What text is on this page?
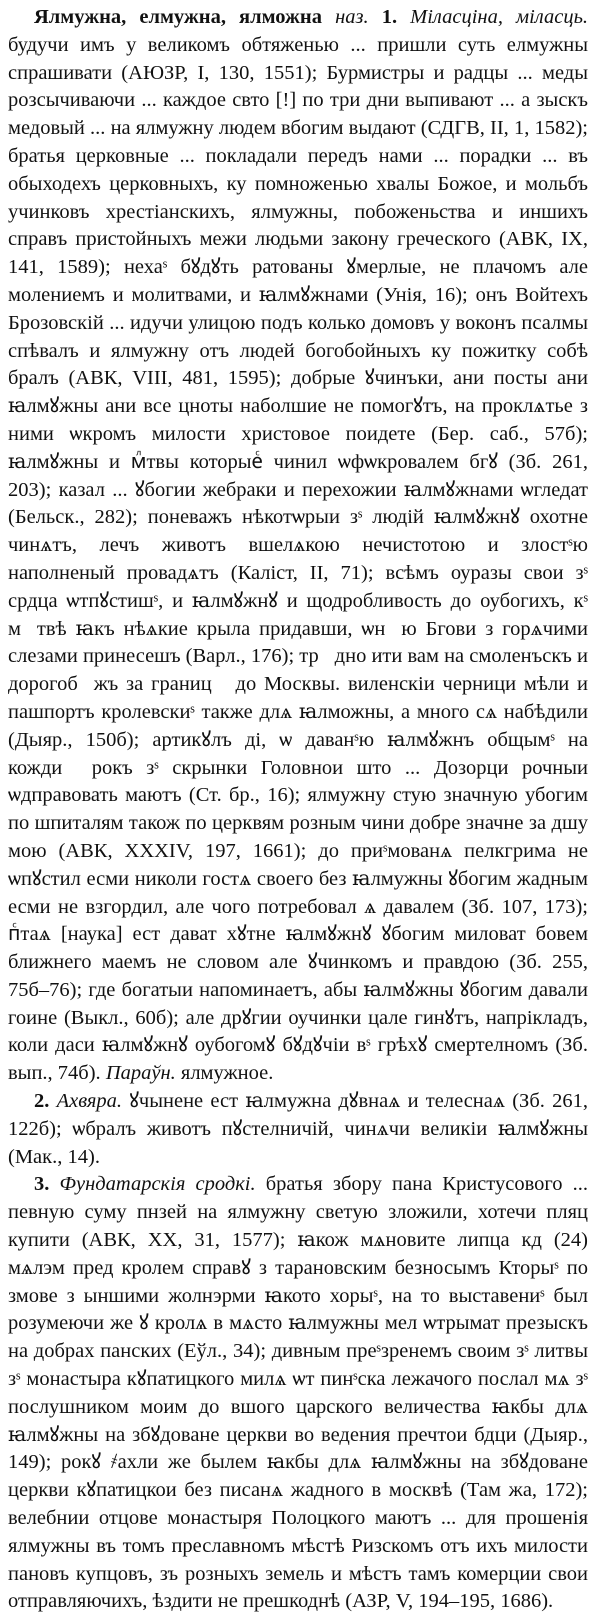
Ялмужна, елмужна, ялможна наз. 1. Міласціна, міласць. будучи имъ у великомъ обтяженью ... пришли суть елмужны спрашивати (АЮЗР, I, 130, 1551); Бурмистры и радцы ... меды розсычиваючи ... каждое свто [!] по три дни выпивают ... а зыскъ медовый ... на ялмужну людем вбогим выдают (СДГВ, II, 1, 1582); братья церковные ... покладали передъ нами ... порадки ... въ обыходехъ церковныхъ, ку помноженью хвалы Божое, и мольбъ учинковъ хрестіанскихъ, ялмужны, побоженьства и иншихъ справъ пристойныхъ межи людьми закону греческого (АВК, IX, 141, 1589); нехаˢ бꙋдꙋть ратованы ꙋмерлые, не плачомъ але молениемъ и молитвами, и ꙗлмꙋжнами (Унія, 16); онъ Войтехъ Брозовскій ... идучи улицою подъ колько домовъ у воконъ псалмы спѣвалъ и ялмужну отъ людей богобойныхъ ку пожитку собѣ бралъ (АВК, VIII, 481, 1595); добрые ꙋчинъки, ани посты ани ꙗлмꙋжны ани все цноты наболшие не помогꙋтъ, на проклѧтье з ними ѡкромъ милости христовое поидете (Бер. саб., 57б); ꙗлмꙋжны и мⷧтвы которыеⷭ чинил ѡфѡкровалем бгꙋ (Зб. 261, 203); казал ... ꙋбогии жебраки и перехожии ꙗлмꙋжнами ѡгледат (Бельск., 282); поневажъ нѣкотѡрыи зˢ людій ꙗлмꙋжнꙋ охотне чинѧтъ, лечъ животъ вшелѧкою нечистотою и злостˢю наполненый провадѧтъ (Каліст, II, 71); всѣмъ оуразы свои зˢ срдца ѡтпꙋстишˢ, и ꙗлмꙋжнꙋ и щодробливость до оубогихъ, кˢ мⷧтвѣ ꙗкъ нѣѧкие крыла придавши, ѡнꙋю Бгови з горѧчими слезами принесешъ (Варл., 176); трꙋдно ити вам на смоленъскъ и дорогобꙋжъ за границꙋ до Москвы. виленскіи черници мѣли и пашпортъ кролевскиˢ также длѧ ꙗлможны, а много сѧ набѣдили (Дыяр., 150б); артикꙋлъ ді, ѡ даванˢю ꙗлмꙋжнъ общымˢ на кождиⷯ рокъ зˢ скрынки Головнои што ... Дозорци рочныи ѡдправовать маютъ (Ст. бр., 16); ялмужну стую значную убогим по шпиталям також по церквям розным чини добре значне за дшу мою (АВК, XXXIV, 197, 1661); до приˢмованѧ пелкгрима не ѡпꙋстил есми николи гостѧ своего без ꙗлмужны ꙋбогим жадным есми не взгордил, але чого потребовал ѧ давалем (Зб. 107, 173); пⷭтаѧ [наука] ест дават хꙋтне ꙗлмꙋжнꙋ ꙋбогим миловат бовем ближнего маемъ не словом але ꙋчинкомъ и правдою (Зб. 255, 75б–76); где богатыи напоминаетъ, абы ꙗлмꙋжны ꙋбогим давали гоине (Выкл., 60б); але дрꙋгии оучинки цале гинꙋтъ, напрікладъ, коли даси ꙗлмꙋжнꙋ оубогомꙋ бꙋдꙋчіи вˢ грѣхꙋ смертелномъ (Зб. вып., 74б). Параўн. ялмужное.

2. Ахвяра. ꙋчынене ест ꙗлмужна дꙋвнаѧ и телеснаѧ (Зб. 261, 122б); ѡбралъ животъ пꙋстелничій, чинѧчи великіи ꙗлмꙋжны (Мак., 14).

3. Фундатарскія сродкі. братья збору пана Кристусового ... певную суму пнзей на ялмужну светую зложили, хотечи пляц купити (АВК, XX, 31, 1577); ꙗкож мѧновите липца кд (24) мѧлэм пред кролем справꙋ з тарановским безносымъ Кторыˢ по змове з ыншими жолнэрми ꙗкото хорыˢ, на то выставениˢ был розумеючи же ꙋ кролѧ в мѧсто ꙗлмужны мел ѡтрымат презыскъ на добрах панских (Еўл., 34); дивным преˢзренемъ своим зˢ литвы зˢ монастыра кꙋпатицкого милѧ ѡт пинˢска лежачого послал мѧ зˢ послушником моим до вшого царского величества ꙗкбы длѧ ꙗлмꙋжны на збꙋдоване церкви во ведения пречтои бдци (Дыяр., 149); рокꙋ ҂ахли же былем ꙗкбы длѧ ꙗлмꙋжны на збꙋдоване церкви кꙋпатицкои без писанѧ жадного в москвѣ (Там жа, 172); велебнии отцове монастыря Полоцкого маютъ ... для прошенія ялмужны въ томъ преславномъ мѣстѣ Ризскомъ отъ ихъ милости пановъ купцовъ, зъ розныхъ земель и мѣстъ тамъ комерции свои отправляючихъ, ѣздити не прешкоднѣ (АЗР, V, 194–195, 1686).
